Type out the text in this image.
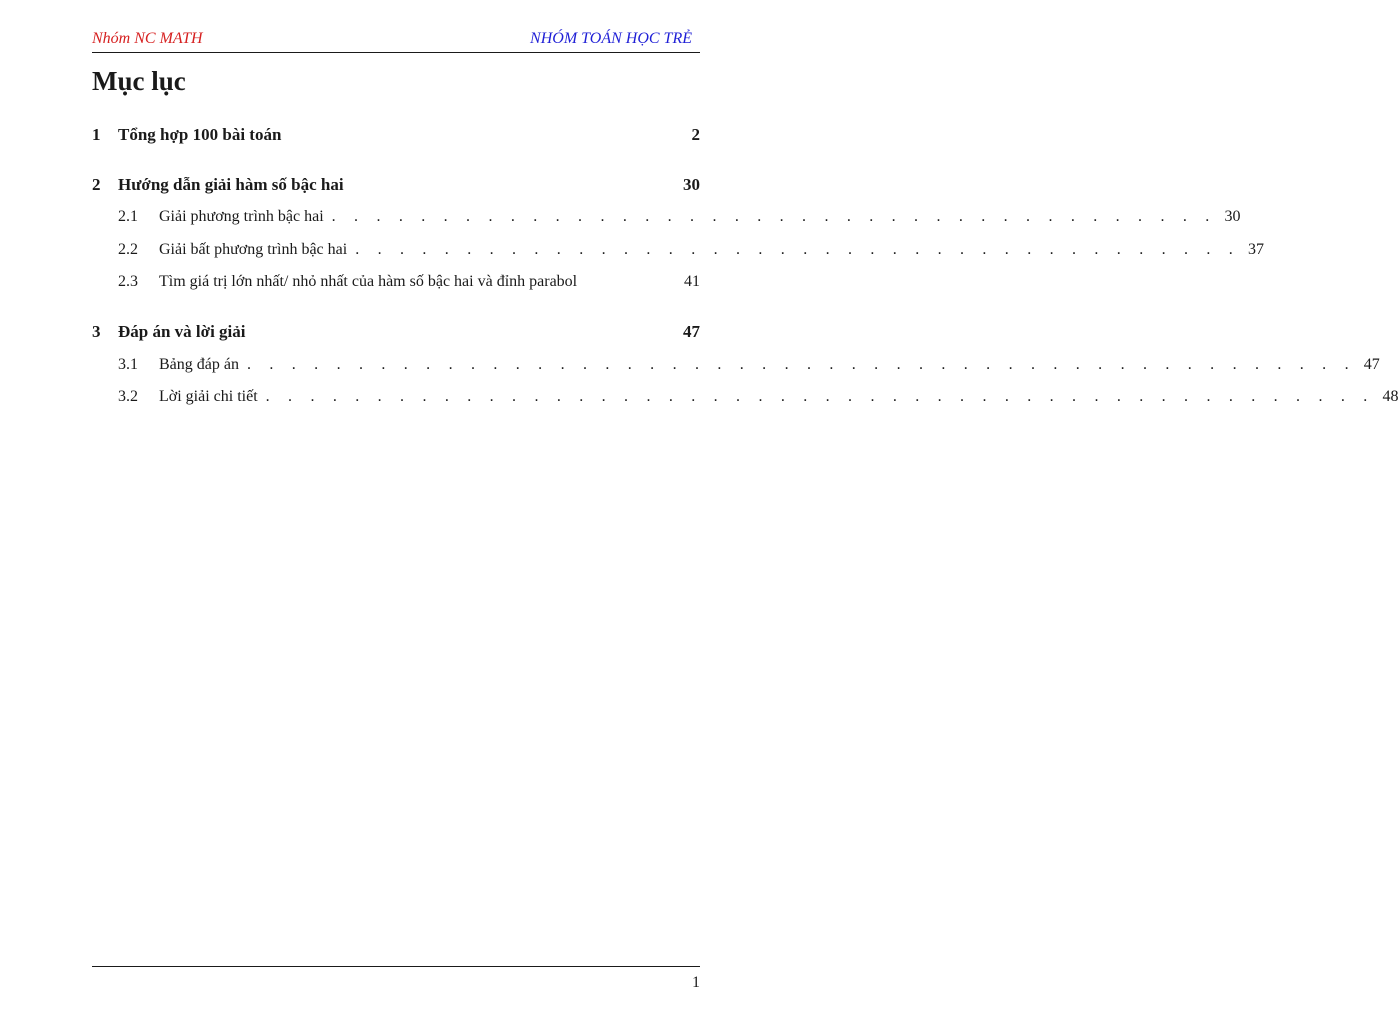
Nhóm NC MATH	NHÓM TOÁN HỌC TRẺ
Mục lục
1	Tổng hợp 100 bài toán	2
2	Hướng dẫn giải hàm số bậc hai	30
2.1	Giải phương trình bậc hai . . . . . . . . . . . . . . . . . . . . . . . . . . . . . . . . . . . . . . . . 30
2.2	Giải bất phương trình bậc hai . . . . . . . . . . . . . . . . . . . . . . . . . . . . . . . . . . . . . . . . 37
2.3	Tìm giá trị lớn nhất/ nhỏ nhất của hàm số bậc hai và đỉnh parabol	41
3	Đáp án và lời giải	47
3.1	Bảng đáp án . . . . . . . . . . . . . . . . . . . . . . . . . . . . . . . . . . . . . . . . . . . . . . . . . . 47
3.2	Lời giải chi tiết . . . . . . . . . . . . . . . . . . . . . . . . . . . . . . . . . . . . . . . . . . . . . . . . . . 48
1
